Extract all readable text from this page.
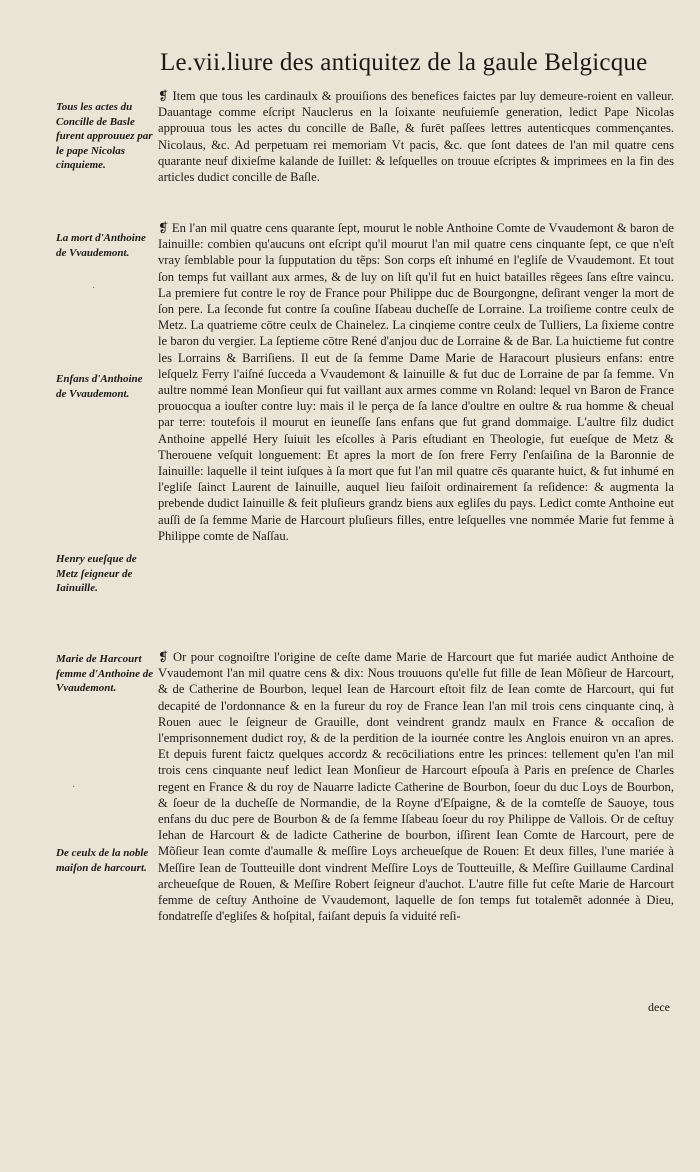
Le.vii.liure des antiquitez de la gaule Belgicque

❡ Item que tous les cardinaulx & prouiſions des benefices faictes par luy demeure-roient en valleur. Dauantage comme eſcript Nauclerus en la ſoixante neufuiemſe generation, ledict Pape Nicolas approuua tous les actes du concille de Baſle, & furēt paſſees lettres autenticques commençantes. Nicolaus, &c. Ad perpetuam rei memoriam Vt pacis, &c. que ſont datees de l'an mil quatre cens quarante neuf dixieſme kalande de Iuillet: & leſquelles on trouue eſcriptes & imprimees en la fin des articles dudict concille de Baſle.

❡ En l'an mil quatre cens quarante ſept, mourut le noble Anthoine Comte de Vvaudemont & baron de Iainuille: combien qu'aucuns ont eſcript qu'il mourut l'an mil quatre cens cinquante ſept, ce que n'eſt vray ſemblable pour la ſupputation du tẽps: Son corps eſt inhumé en l'egliſe de Vvaudemont. Et tout ſon temps fut vaillant aux armes, & de luy on liſt qu'il fut en huict batailles rẽgees ſans eſtre vaincu. La premiere fut contre le roy de France pour Philippe duc de Bourgongne, deſirant venger la mort de ſon pere. La ſeconde fut contre ſa couſine Iſabeau ducheſſe de Lorraine. La troiſieme contre ceulx de Metz. La quatrieme cōtre ceulx de Chainelez. La cinqieme contre ceulx de Tulliers, La ſixieme contre le baron du vergier. La ſeptieme cōtre René d'anjou duc de Lorraine & de Bar. La huictieme fut contre les Lorrains & Barriſiens. Il eut de ſa femme Dame Marie de Haracourt plusieurs enfans: entre leſquelz Ferry l'aiſné ſucceda a Vvaudemont & Iainuille & fut duc de Lorraine de par ſa femme. Vn aultre nommé Iean Monſieur qui fut vaillant aux armes comme vn Roland: lequel vn Baron de France prouocqua a iouſter contre luy: mais il le perça de ſa lance d'oultre en oultre & rua homme & cheual par terre: toutefois il mourut en ieuneſſe ſans enfans que fut grand dommaige. L'aultre filz dudict Anthoine appellé Hery ſuiuit les eſcolles à Paris eſtudiant en Theologie, fut eueſque de Metz & Therouene veſquit longuement: Et apres la mort de ſon frere Ferry ſ'enſaiſina de la Baronnie de Iainuille: laquelle il teint iuſques à ſa mort que fut l'an mil quatre cēs quarante huict, & fut inhumé en l'egliſe ſainct Laurent de Iainuille, auquel lieu faiſoit ordinairement ſa reſidence: & augmenta la prebende dudict Iainuille & feit pluſieurs grandz biens aux egliſes du pays. Ledict comte Anthoine eut auſſi de ſa femme Marie de Harcourt pluſieurs filles, entre leſquelles vne nommée Marie fut femme à Philippe comte de Naſſau.

❡ Or pour cognoiſtre l'origine de ceſte dame Marie de Harcourt que fut mariée audict Anthoine de Vvaudemont l'an mil quatre cens & dix: Nous trouuons qu'elle fut fille de Iean Mõſieur de Harcourt, & de Catherine de Bourbon, lequel Iean de Harcourt eſtoit filz de Iean comte de Harcourt, qui fut decapité de l'ordonnance & en la fureur du roy de France Iean l'an mil trois cens cinquante cinq, à Rouen auec le ſeigneur de Grauille, dont veindrent grandz maulx en France & occaſion de l'emprisonnement dudict roy, & de la perdition de la iournée contre les Anglois enuiron vn an apres. Et depuis furent faictz quelques accordz & recōciliations entre les princes: tellement qu'en l'an mil trois cens cinquante neuf ledict Iean Monſieur de Harcourt eſpouſa à Paris en preſence de Charles regent en France & du roy de Nauarre ladicte Catherine de Bourbon, ſoeur du duc Loys de Bourbon, & ſoeur de la ducheſſe de Normandie, de la Royne d'Eſpaigne, & de la comteſſe de Sauoye, tous enfans du duc pere de Bourbon & de ſa femme Iſabeau ſoeur du roy Philippe de Vallois. Or de ceſtuy Iehan de Harcourt & de ladicte Catherine de bourbon, iſſirent Iean Comte de Harcourt, pere de Mõſieur Iean comte d'aumalle & meſſire Loys archeueſque de Rouen: Et deux filles, l'une mariée à Meſſire Iean de Toutteuille dont vindrent Meſſire Loys de Toutteuille, & Meſſire Guillaume Cardinal archeueſque de Rouen, & Meſſire Robert ſeigneur d'auchot. L'autre fille fut ceſte Marie de Harcourt femme de ceſtuy Anthoine de Vvaudemont, laquelle de ſon temps fut totalemẽt adonnée à Dieu, fondatreſſe d'egliſes & hoſpital, faiſant depuis ſa viduité reſi-

Tous les actes du Concille de Basle furent approuuez par le pape Nicolas cinquieme.
La mort d'Anthoine de Vvaudemont.
Enfans d'Anthoine de Vvaudemont.
Henry eueſque de Metz ſeigneur de Iainuille.
Marie de Harcourt femme d'Anthoine de Vvaudemont.
De ceulx de la noble maiſon de harcourt.
·
·
dece
